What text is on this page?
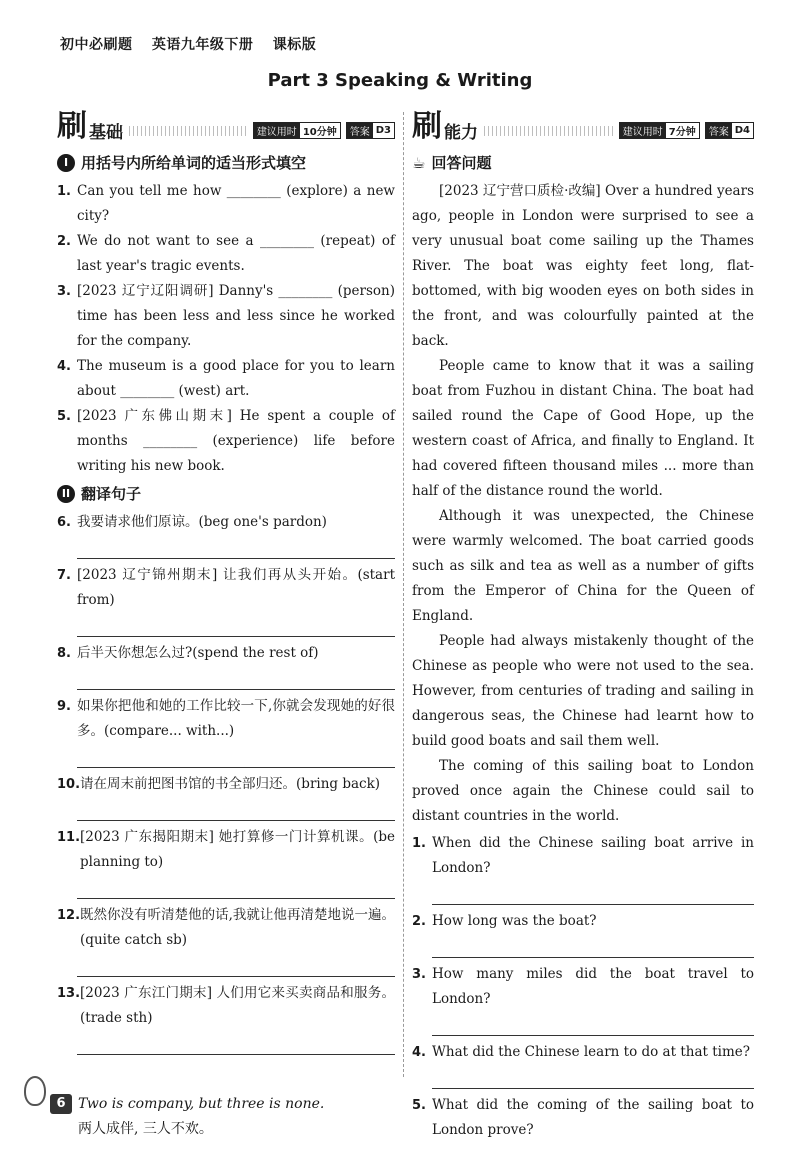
初中必刷题 英语九年级下册 课标版
Part 3 Speaking & Writing
刷 基础	建议用时 10分钟	答案 D3
I 用括号内所给单词的适当形式填空
1. Can you tell me how ________ (explore) a new city?
2. We do not want to see a ________ (repeat) of last year's tragic events.
3. [2023 辽宁辽阳调研] Danny's ________ (person) time has been less and less since he worked for the company.
4. The museum is a good place for you to learn about ________ (west) art.
5. [2023 广东佛山期末] He spent a couple of months ________ (experience) life before writing his new book.
II 翻译句子
6. 我要请求他们原谅。(beg one's pardon)
7. [2023 辽宁锦州期末] 让我们再从头开始。(start from)
8. 后半天你想怎么过?(spend the rest of)
9. 如果你把他和她的工作比较一下,你就会发现她的好很多。(compare... with...)
10. 请在周末前把图书馆的书全部归还。(bring back)
11. [2023 广东揭阳期末] 她打算修一门计算机课。(be planning to)
12. 既然你没有听清楚他的话,我就让他再清楚地说一遍。(quite catch sb)
13. [2023 广东江门期末] 人们用它来买卖商品和服务。(trade sth)
刷 能力	建议用时 7分钟	答案 D4
☕ 回答问题

[2023 辽宁营口质检·改编] Over a hundred years ago, people in London were surprised to see a very unusual boat come sailing up the Thames River. The boat was eighty feet long, flat-bottomed, with big wooden eyes on both sides in the front, and was colourfully painted at the back.

People came to know that it was a sailing boat from Fuzhou in distant China. The boat had sailed round the Cape of Good Hope, up the western coast of Africa, and finally to England. It had covered fifteen thousand miles ... more than half of the distance round the world.

Although it was unexpected, the Chinese were warmly welcomed. The boat carried goods such as silk and tea as well as a number of gifts from the Emperor of China for the Queen of England.

People had always mistakenly thought of the Chinese as people who were not used to the sea. However, from centuries of trading and sailing in dangerous seas, the Chinese had learnt how to build good boats and sail them well.

The coming of this sailing boat to London proved once again the Chinese could sail to distant countries in the world.

1. When did the Chinese sailing boat arrive in London?
2. How long was the boat?
3. How many miles did the boat travel to London?
4. What did the Chinese learn to do at that time?
5. What did the coming of the sailing boat to London prove?
6 Two is company, but three is none.
两人成伴, 三人不欢。
